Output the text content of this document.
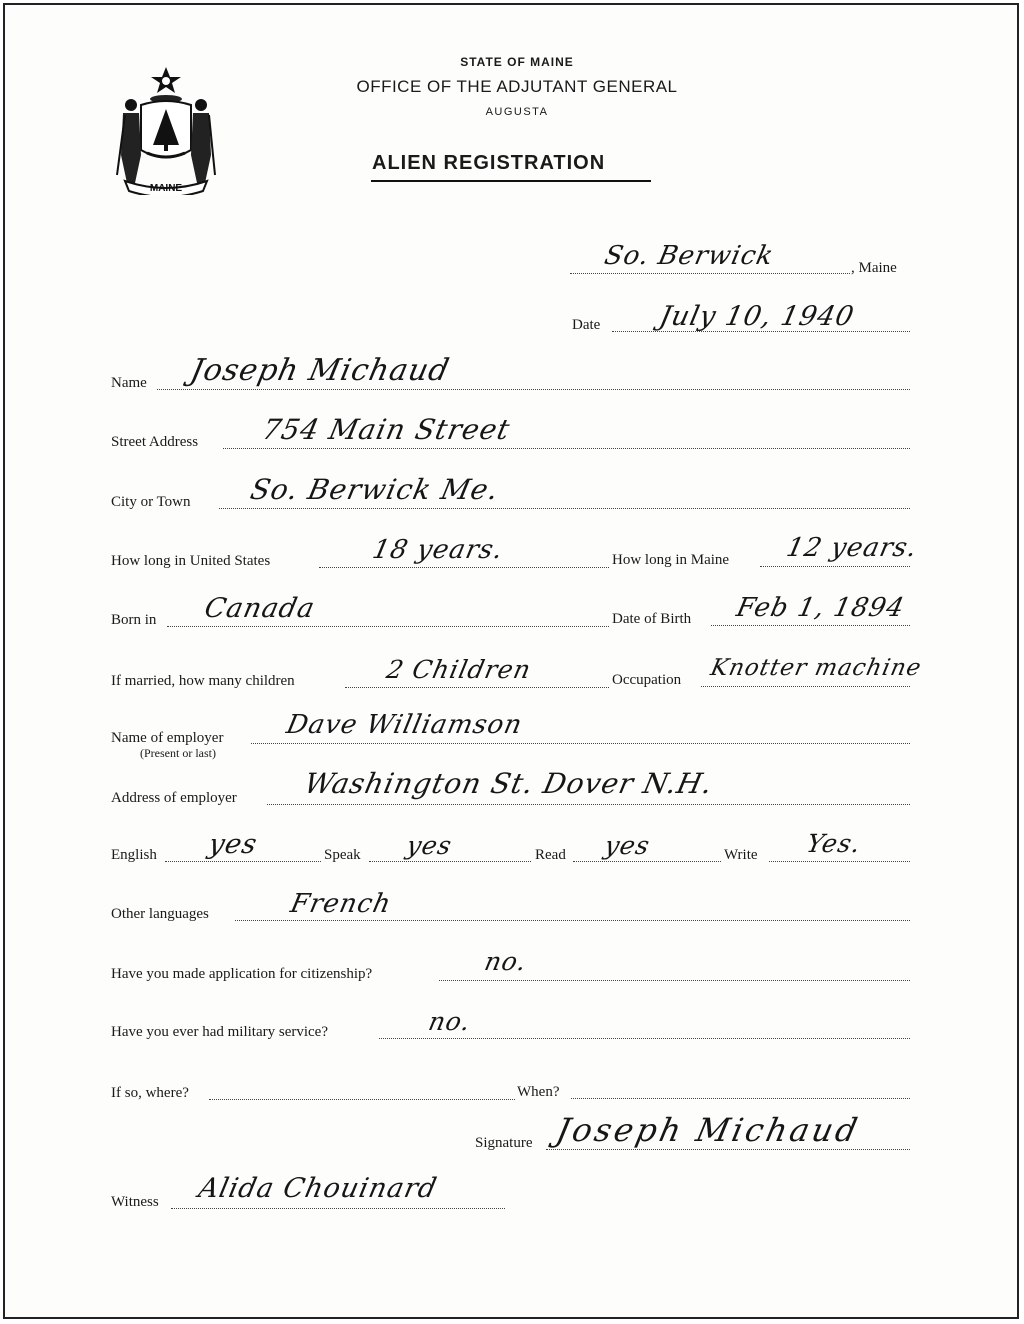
MAINE
STATE OF MAINE
OFFICE OF THE ADJUTANT GENERAL
AUGUSTA
ALIEN REGISTRATION
So. Berwick	, Maine
Date July 10, 1940
Name Joseph Michaud
Street Address 754 Main Street
City or Town So. Berwick Me.
How long in United States	18 years.	How long in Maine 12 years.
Born in Canada	Date of Birth Feb 1, 1894
If married, how many children	2 Children	Occupation Knotter machine
Name of employer
(Present or last)
Dave Williamson
Address of employer Washington St. Dover N.H.
English yes	Speak yes	Read yes	Write Yes.
Other languages	French
Have you made application for citizenship?	no.
Have you ever had military service?	no.
If so, where?	When?
Signature Joseph Michaud
Witness Alida Chouinard
